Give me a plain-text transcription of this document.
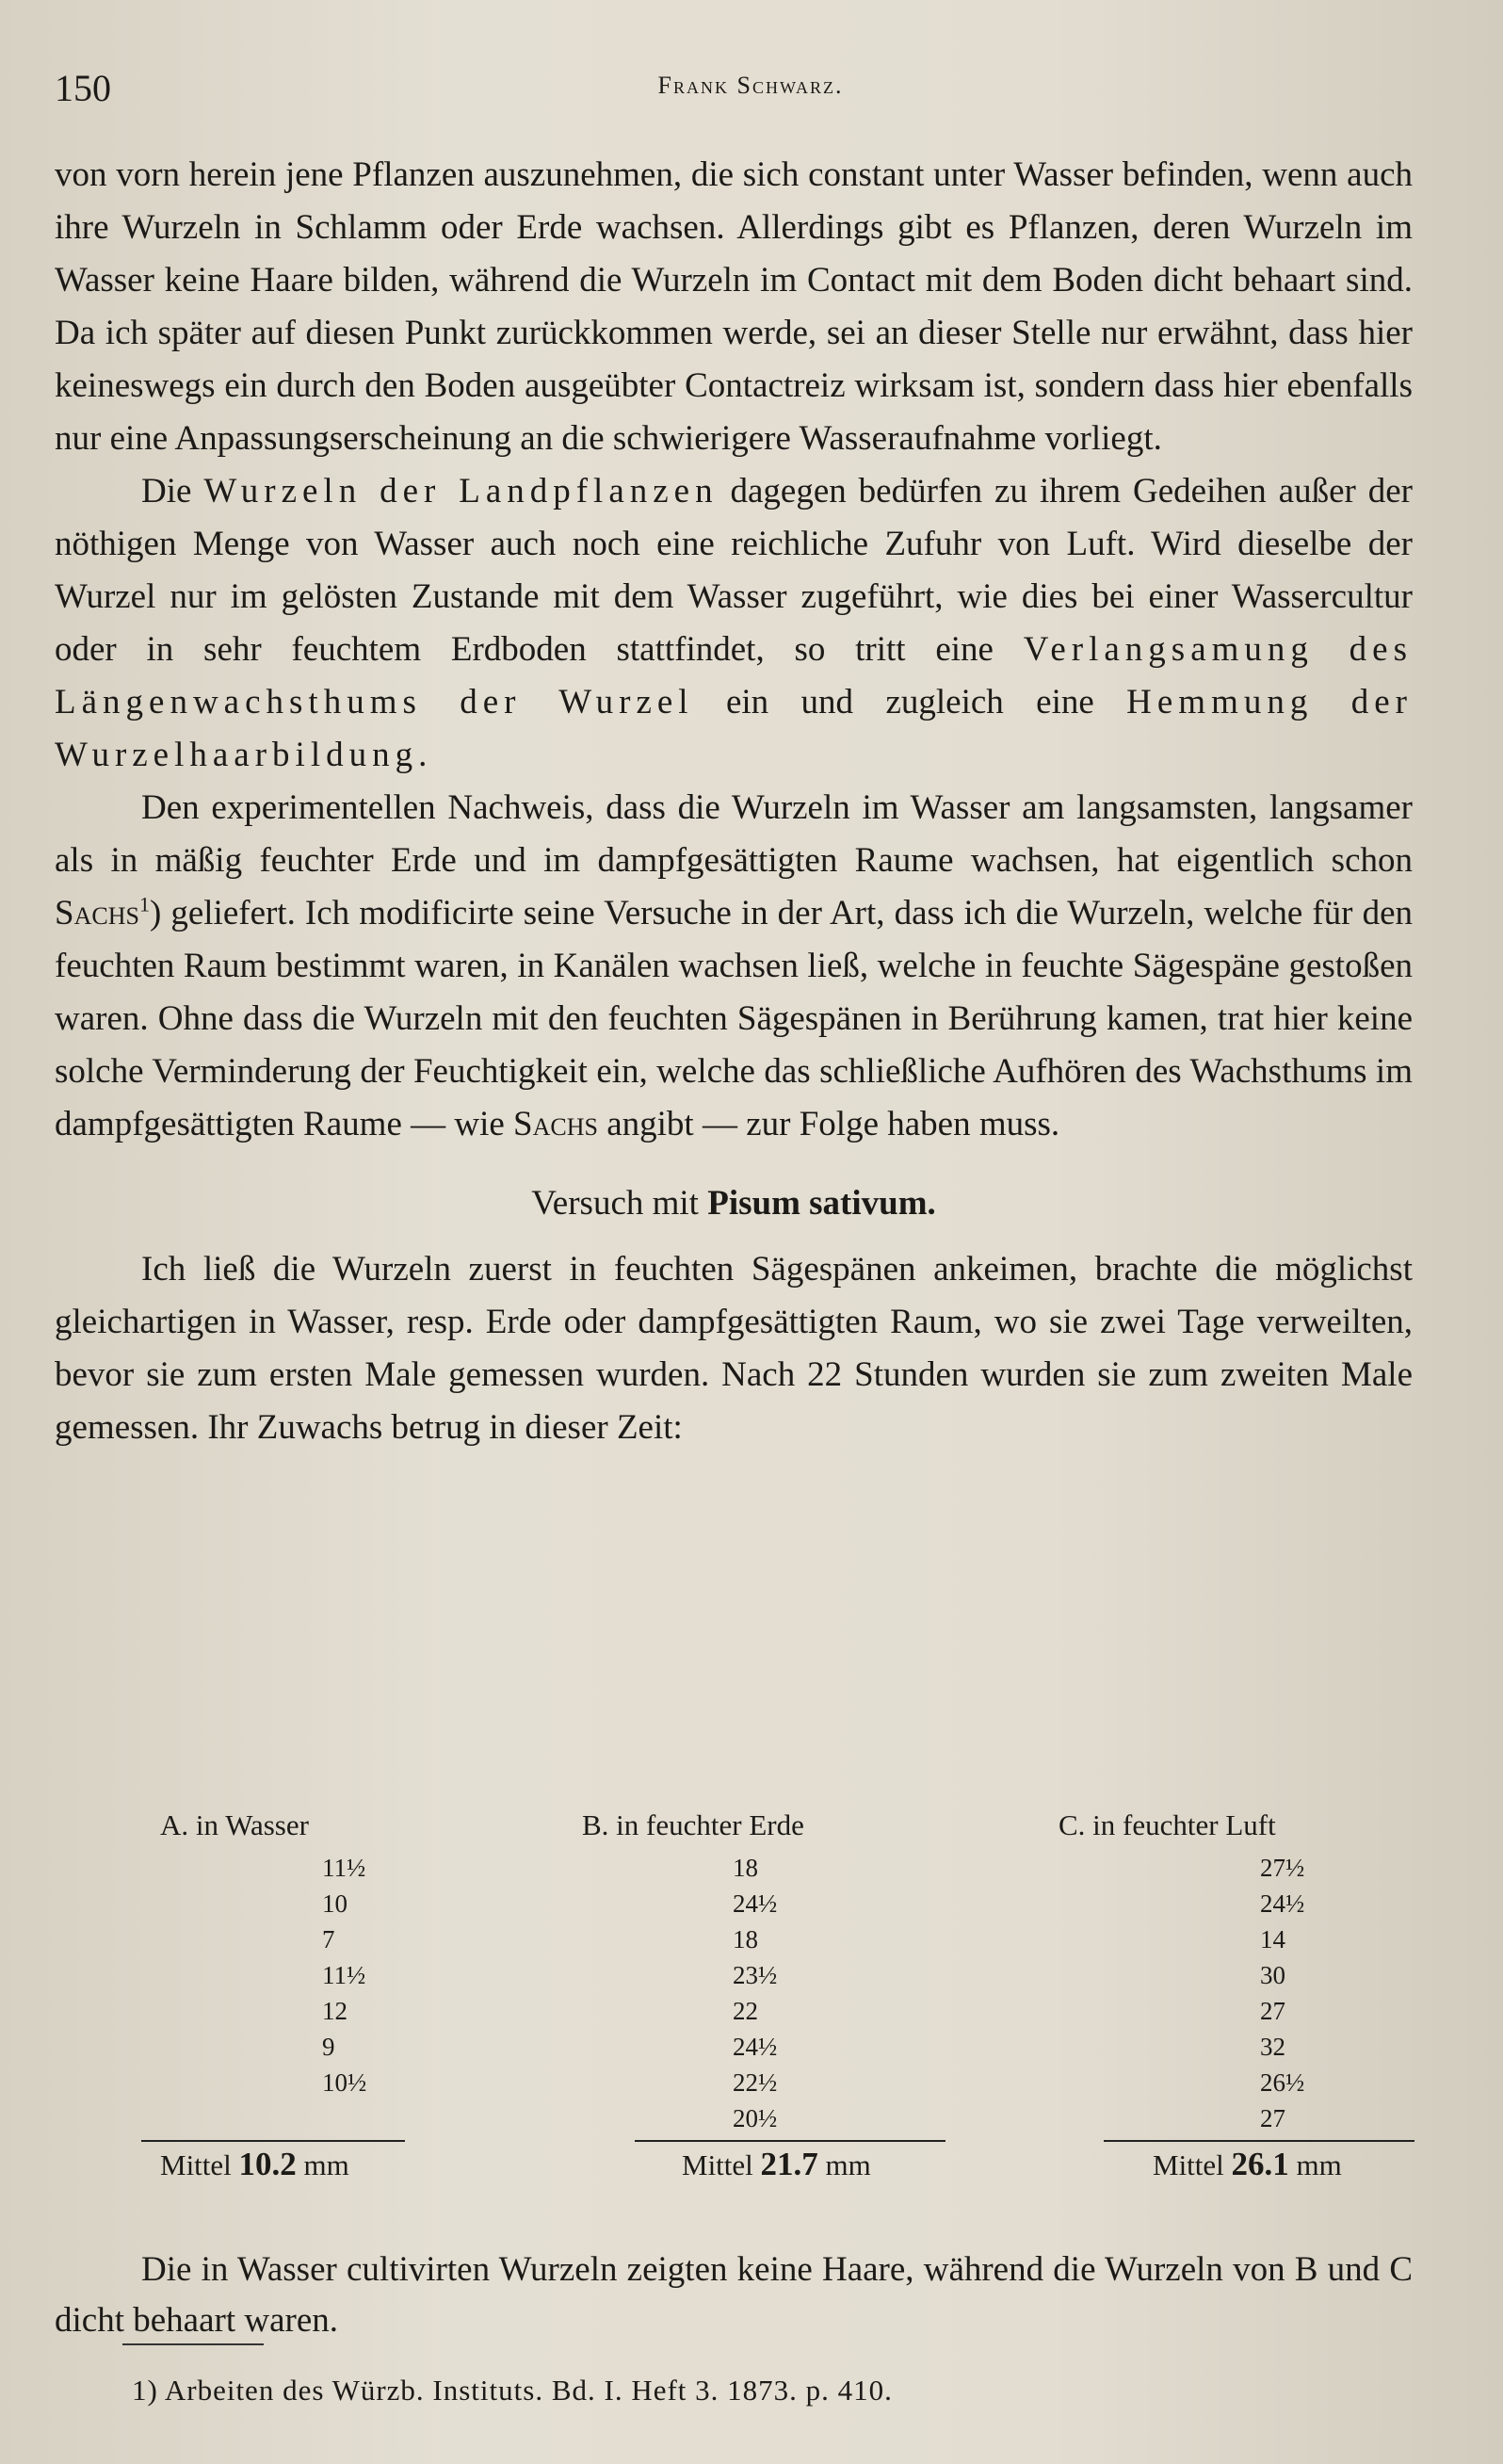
150	Frank Schwarz.

von vorn herein jene Pflanzen auszunehmen, die sich constant unter Wasser befinden, wenn auch ihre Wurzeln in Schlamm oder Erde wachsen. Allerdings gibt es Pflanzen, deren Wurzeln im Wasser keine Haare bilden, während die Wurzeln im Contact mit dem Boden dicht behaart sind. Da ich später auf diesen Punkt zurückkommen werde, sei an dieser Stelle nur erwähnt, dass hier keineswegs ein durch den Boden ausgeübter Contactreiz wirksam ist, sondern dass hier ebenfalls nur eine Anpassungserscheinung an die schwierigere Wasseraufnahme vorliegt.

Die Wurzeln der Landpflanzen dagegen bedürfen zu ihrem Gedeihen außer der nöthigen Menge von Wasser auch noch eine reichliche Zufuhr von Luft. Wird dieselbe der Wurzel nur im gelösten Zustande mit dem Wasser zugeführt, wie dies bei einer Wassercultur oder in sehr feuchtem Erdboden stattfindet, so tritt eine Verlangsamung des Längenwachsthums der Wurzel ein und zugleich eine Hemmung der Wurzelhaarbildung.

Den experimentellen Nachweis, dass die Wurzeln im Wasser am langsamsten, langsamer als in mäßig feuchter Erde und im dampfgesättigten Raume wachsen, hat eigentlich schon Sachs$^1$) geliefert. Ich modificirte seine Versuche in der Art, dass ich die Wurzeln, welche für den feuchten Raum bestimmt waren, in Kanälen wachsen ließ, welche in feuchte Sägespäne gestoßen waren. Ohne dass die Wurzeln mit den feuchten Sägespänen in Berührung kamen, trat hier keine solche Verminderung der Feuchtigkeit ein, welche das schließliche Aufhören des Wachsthums im dampfgesättigten Raume — wie Sachs angibt — zur Folge haben muss.

Versuch mit Pisum sativum.

Ich ließ die Wurzeln zuerst in feuchten Sägespänen ankeimen, brachte die möglichst gleichartigen in Wasser, resp. Erde oder dampfgesättigten Raum, wo sie zwei Tage verweilten, bevor sie zum ersten Male gemessen wurden. Nach 22 Stunden wurden sie zum zweiten Male gemessen. Ihr Zuwachs betrug in dieser Zeit:

A. in Wasser
11½
10
7
11½
12
9
10½
Mittel 10.2 mm
B. in feuchter Erde
18
24½
18
23½
22
24½
22½
20½
Mittel 21.7 mm
C. in feuchter Luft
27½
24½
14
30
27
32
26½
27
Mittel 26.1 mm

Die in Wasser cultivirten Wurzeln zeigten keine Haare, während die Wurzeln von B und C dicht behaart waren.

1) Arbeiten des Würzb. Instituts. Bd. I. Heft 3. 1873. p. 410.
